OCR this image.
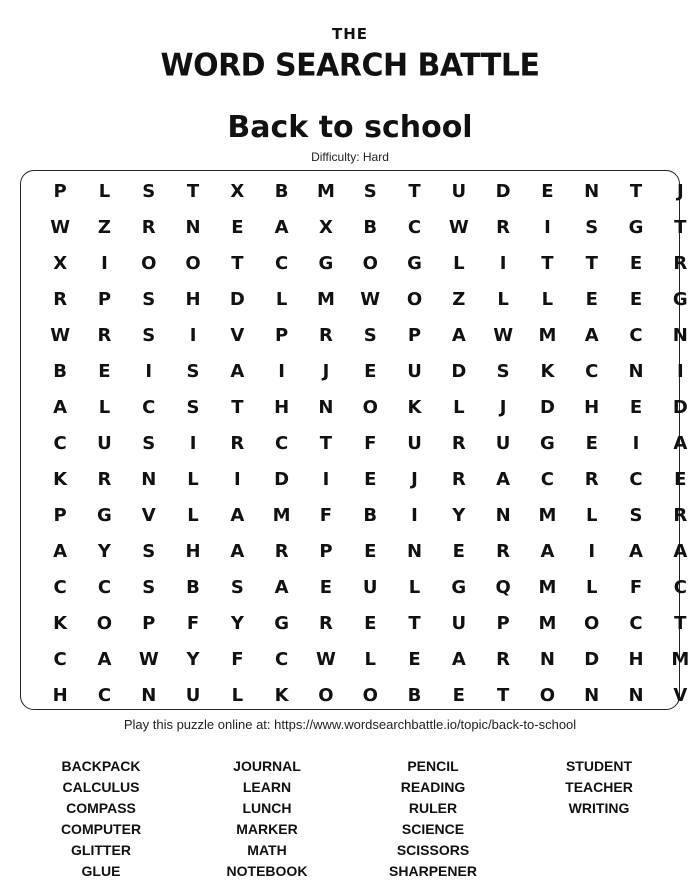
THE
WORD SEARCH BATTLE
Back to school
Difficulty: Hard
P	L	S	T	X	B	M	S	T	U	D	E	N	T	J
W	Z	R	N	E	A	X	B	C	W	R	I	S	G	T
X	I	O	O	T	C	G	O	G	L	I	T	T	E	R
R	P	S	H	D	L	M	W	O	Z	L	L	E	E	G
W	R	S	I	V	P	R	S	P	A	W	M	A	C	N
B	E	I	S	A	I	J	E	U	D	S	K	C	N	I
A	L	C	S	T	H	N	O	K	L	J	D	H	E	D
C	U	S	I	R	C	T	F	U	R	U	G	E	I	A
K	R	N	L	I	D	I	E	J	R	A	C	R	C	E
P	G	V	L	A	M	F	B	I	Y	N	M	L	S	R
A	Y	S	H	A	R	P	E	N	E	R	A	I	A	A
C	C	S	B	S	A	E	U	L	G	Q	M	L	F	C
K	O	P	F	Y	G	R	E	T	U	P	M	O	C	T
C	A	W	Y	F	C	W	L	E	A	R	N	D	H	M
H	C	N	U	L	K	O	O	B	E	T	O	N	N	V
Play this puzzle online at: https://www.wordsearchbattle.io/topic/back-to-school
BACKPACK
CALCULUS
COMPASS
COMPUTER
GLITTER
GLUE
JOURNAL
LEARN
LUNCH
MARKER
MATH
NOTEBOOK
PENCIL
READING
RULER
SCIENCE
SCISSORS
SHARPENER
STUDENT
TEACHER
WRITING
